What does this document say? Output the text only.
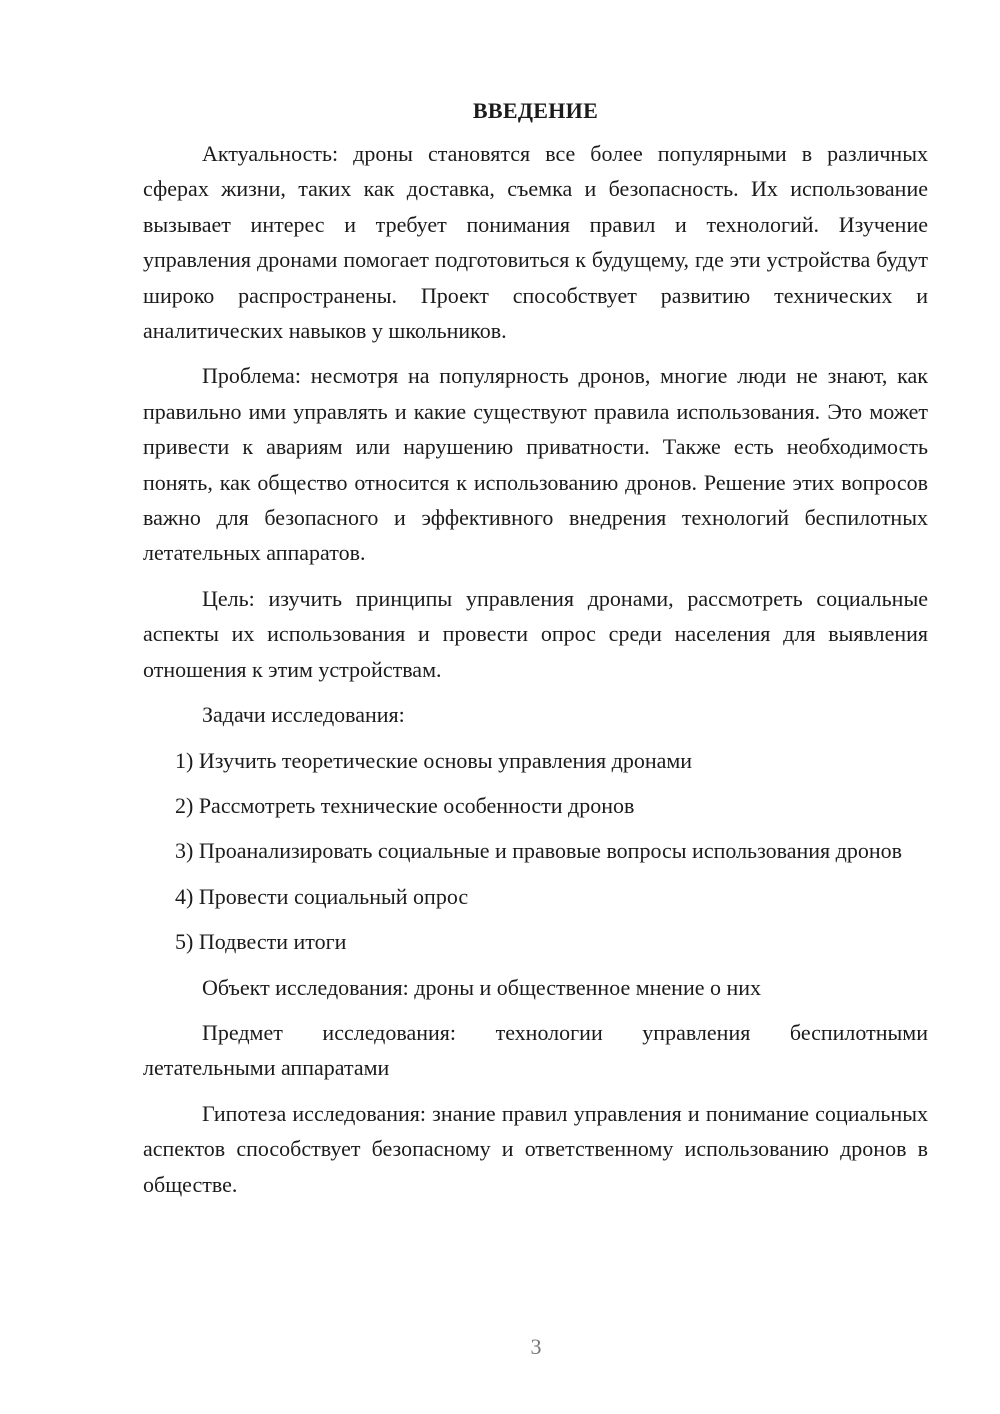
ВВЕДЕНИЕ

Актуальность: дроны становятся все более популярными в различных сферах жизни, таких как доставка, съемка и безопасность. Их использование вызывает интерес и требует понимания правил и технологий. Изучение управления дронами помогает подготовиться к будущему, где эти устройства будут широко распространены. Проект способствует развитию технических и аналитических навыков у школьников.

Проблема: несмотря на популярность дронов, многие люди не знают, как правильно ими управлять и какие существуют правила использования. Это может привести к авариям или нарушению приватности. Также есть необходимость понять, как общество относится к использованию дронов. Решение этих вопросов важно для безопасного и эффективного внедрения технологий беспилотных летательных аппаратов.

Цель: изучить принципы управления дронами, рассмотреть социальные аспекты их использования и провести опрос среди населения для выявления отношения к этим устройствам.

Задачи исследования:

1) Изучить теоретические основы управления дронами

2) Рассмотреть технические особенности дронов

3) Проанализировать социальные и правовые вопросы использования дронов

4) Провести социальный опрос

5) Подвести итоги

Объект исследования: дроны и общественное мнение о них

Предмет исследования: технологии управления беспилотными летательными аппаратами

Гипотеза исследования: знание правил управления и понимание социальных аспектов способствует безопасному и ответственному использованию дронов в обществе.

3
